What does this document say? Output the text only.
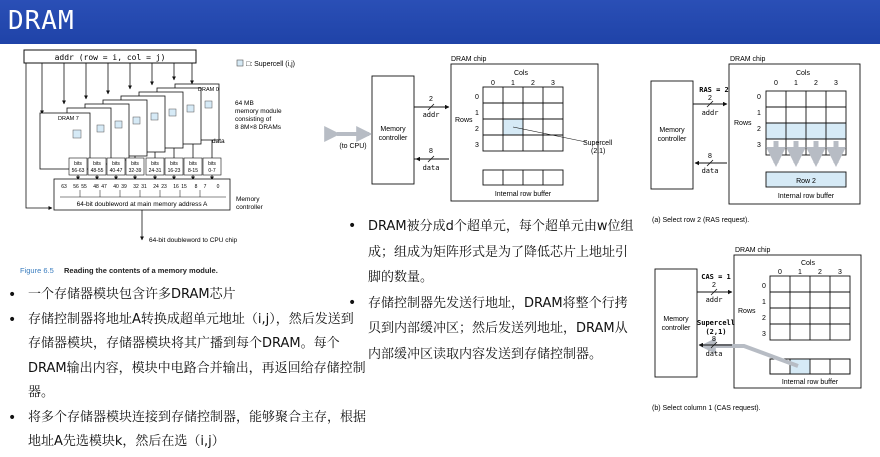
DRAM
addr (row = i, col = j)
□: Supercell (i,j)
DRAM 0
DRAM 7
64 MB
memory module
consisting of
8 8M×8 DRAMs
data
bits
56-63
bits
48-55
bits
40-47
bits
32-39
bits
24-31
bits
16-23
bits
8-15
bits
0-7
63 56 55 48 47 40 39 32 31 24 23 16 15 8 7 0
64-bit doubleword at main memory address A
Memory
controller
64-bit doubleword to CPU chip
Figure 6.5 Reading the contents of a memory module.
DRAM chip
Cols
0 1 2 3
0
1
2
3
Rows
Supercell
(2,1)
Internal row buffer
Memory
controller
(to CPU)
2
addr
8
data
DRAM chip
Cols
0 1 2 3
0
1
2
3
Rows
Row 2
Internal row buffer
Memory
controller
RAS = 2
2
addr
8
data
(a) Select row 2 (RAS request).
DRAM chip
Cols
0 1 2 3
0
1
2
3
Rows
Internal row buffer
Memory
controller
CAS = 1
2
addr
Supercell
(2,1)
8
data
(b) Select column 1 (CAS request).
• 一个存储器模块包含许多DRAM芯片
• 存储控制器将地址A转换成超单元地址（i,j），然后发送到存储器模块，存储器模块将其广播到每个DRAM。每个DRAM输出内容，模块中电路合并输出，再返回给存储控制器。
• 将多个存储器模块连接到存储控制器，能够聚合主存，根据地址A先选模块k，然后在选（i,j）
• DRAM被分成d个超单元，每个超单元由w位组成；组成为矩阵形式是为了降低芯片上地址引脚的数量。
• 存储控制器先发送行地址，DRAM将整个行拷贝到内部缓冲区；然后发送列地址，DRAM从内部缓冲区读取内容发送到存储控制器。
